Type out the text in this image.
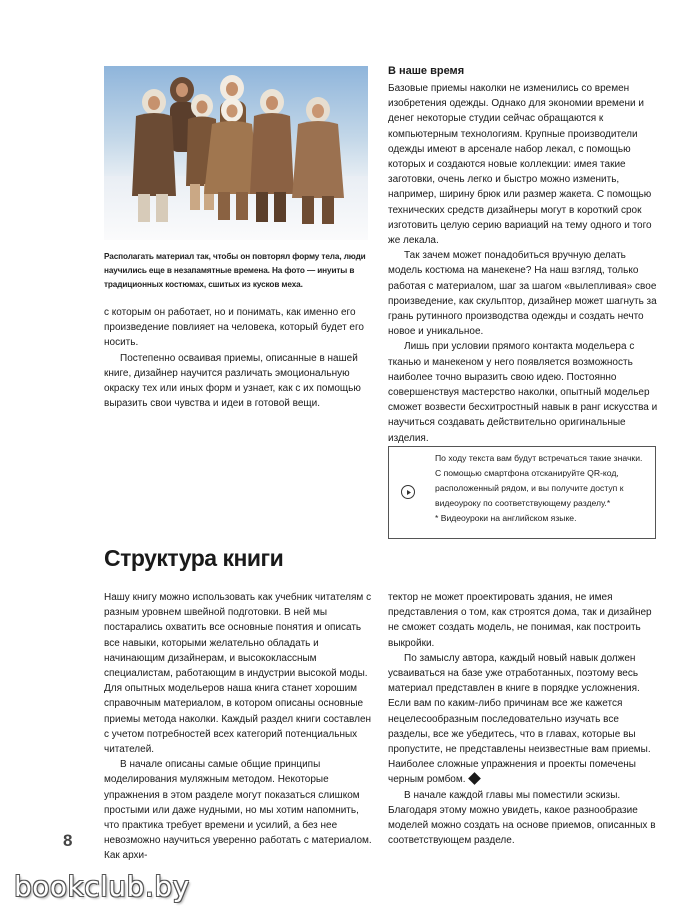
Располагать материал так, чтобы он повторял форму тела, люди научились еще в незапамятные времена. На фото — инуиты в традиционных костюмах, сшитых из кусков меха.

с которым он работает, но и понимать, как именно его произведение повлияет на человека, который будет его носить.

Постепенно осваивая приемы, описанные в нашей книге, дизайнер научится различать эмоциональную окраску тех или иных форм и узнает, как с их помощью выразить свои чувства и идеи в готовой вещи.

В наше время

Базовые приемы наколки не изменились со времен изобретения одежды. Однако для экономии времени и денег некоторые студии сейчас обращаются к компьютерным технологиям. Крупные производители одежды имеют в арсенале набор лекал, с помощью которых и создаются новые коллекции: имея такие заготовки, очень легко и быстро можно изменить, например, ширину брюк или размер жакета. С помощью технических средств дизайнеры могут в короткий срок изготовить целую серию вариаций на тему одного и того же лекала.

Так зачем может понадобиться вручную делать модель костюма на манекене? На наш взгляд, только работая с материалом, шаг за шагом «вылепливая» свое произведение, как скульптор, дизайнер может шагнуть за грань рутинного производства одежды и создать нечто новое и уникальное.

Лишь при условии прямого контакта модельера с тканью и манекеном у него появляется возможность наиболее точно выразить свою идею. Постоянно совершенствуя мастерство наколки, опытный модельер сможет возвести бесхитростный навык в ранг искусства и научиться создавать действительно оригинальные изделия.

По ходу текста вам будут встречаться такие значки. С помощью смартфона отсканируйте QR-код, расположенный рядом, и вы получите доступ к видеоуроку по соответствующему разделу.*

* Видеоуроки на английском языке.

Структура книги

Нашу книгу можно использовать как учебник читателям с разным уровнем швейной подготовки. В ней мы постарались охватить все основные понятия и описать все навыки, которыми желательно обладать и начинающим дизайнерам, и высококлассным специалистам, работающим в индустрии высокой моды. Для опытных модельеров наша книга станет хорошим справочным материалом, в котором описаны основные приемы метода наколки. Каждый раздел книги составлен с учетом потребностей всех категорий потенциальных читателей.

В начале описаны самые общие принципы моделирования муляжным методом. Некоторые упражнения в этом разделе могут показаться слишком простыми или даже нудными, но мы хотим напомнить, что практика требует времени и усилий, а без нее невозможно научиться уверенно работать с материалом. Как архи-

тектор не может проектировать здания, не имея представления о том, как строятся дома, так и дизайнер не сможет создать модель, не понимая, как построить выкройки.

По замыслу автора, каждый новый навык должен усваиваться на базе уже отработанных, поэтому весь материал представлен в книге в порядке усложнения. Если вам по каким-либо причинам все же кажется нецелесообразным последовательно изучать все разделы, все же убедитесь, что в главах, которые вы пропустите, не представлены неизвестные вам приемы. Наиболее сложные упражнения и проекты помечены черным ромбом.

В начале каждой главы мы поместили эскизы. Благодаря этому можно увидеть, какое разнообразие моделей можно создать на основе приемов, описанных в соответствующем разделе.

8
bookclub.by
